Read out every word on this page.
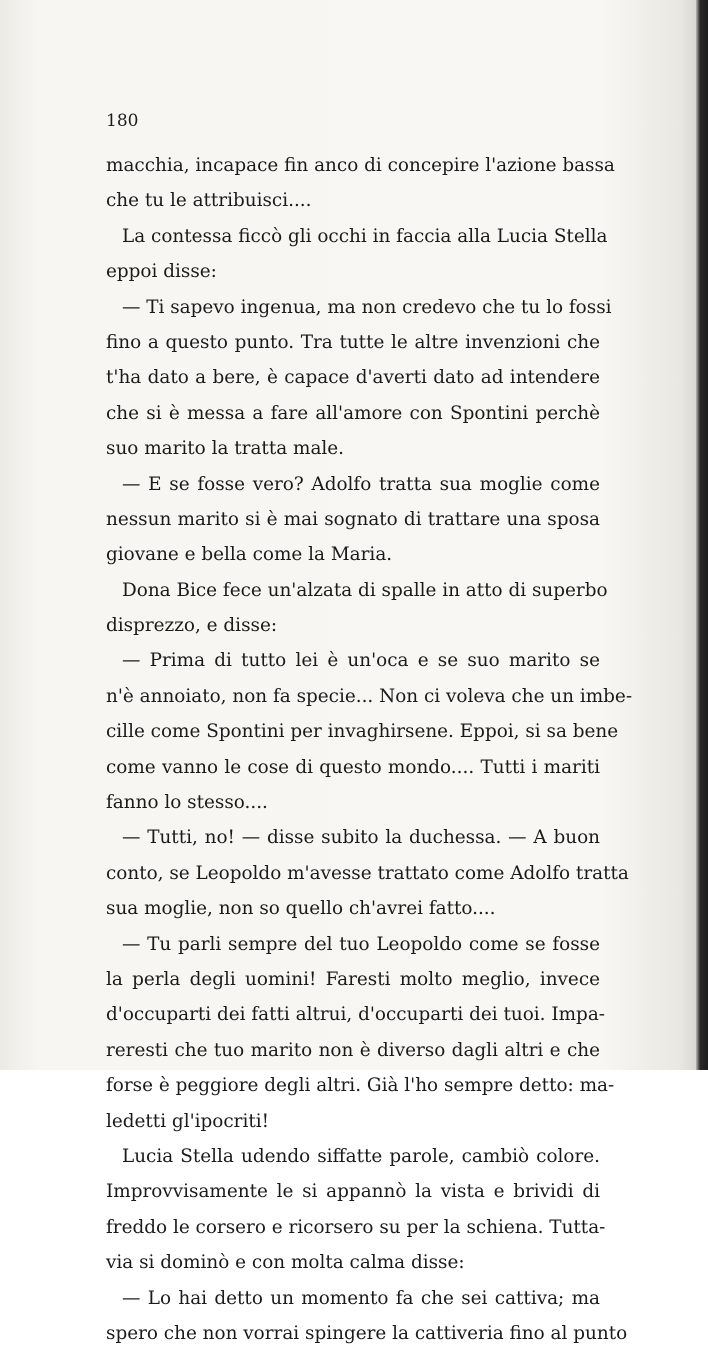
180
macchia, incapace fin anco di concepire l'azione bassa
che tu le attribuisci....
La contessa ficcò gli occhi in faccia alla Lucia Stella
eppoi disse:
— Ti sapevo ingenua, ma non credevo che tu lo fossi
fino a questo punto. Tra tutte le altre invenzioni che
t'ha dato a bere, è capace d'averti dato ad intendere
che si è messa a fare all'amore con Spontini perchè
suo marito la tratta male.
— E se fosse vero? Adolfo tratta sua moglie come
nessun marito si è mai sognato di trattare una sposa
giovane e bella come la Maria.
Dona Bice fece un'alzata di spalle in atto di superbo
disprezzo, e disse:
— Prima di tutto lei è un'oca e se suo marito se
n'è annoiato, non fa specie... Non ci voleva che un imbe-
cille come Spontini per invaghirsene. Eppoi, si sa bene
come vanno le cose di questo mondo.... Tutti i mariti
fanno lo stesso....
— Tutti, no! — disse subito la duchessa. — A buon
conto, se Leopoldo m'avesse trattato come Adolfo tratta
sua moglie, non so quello ch'avrei fatto....
— Tu parli sempre del tuo Leopoldo come se fosse
la perla degli uomini! Faresti molto meglio, invece
d'occuparti dei fatti altrui, d'occuparti dei tuoi. Impa-
reresti che tuo marito non è diverso dagli altri e che
forse è peggiore degli altri. Già l'ho sempre detto: ma-
ledetti gl'ipocriti!
Lucia Stella udendo siffatte parole, cambiò colore.
Improvvisamente le si appannò la vista e brividi di
freddo le corsero e ricorsero su per la schiena. Tutta-
via si dominò e con molta calma disse:
— Lo hai detto un momento fa che sei cattiva; ma
spero che non vorrai spingere la cattiveria fino al punto
